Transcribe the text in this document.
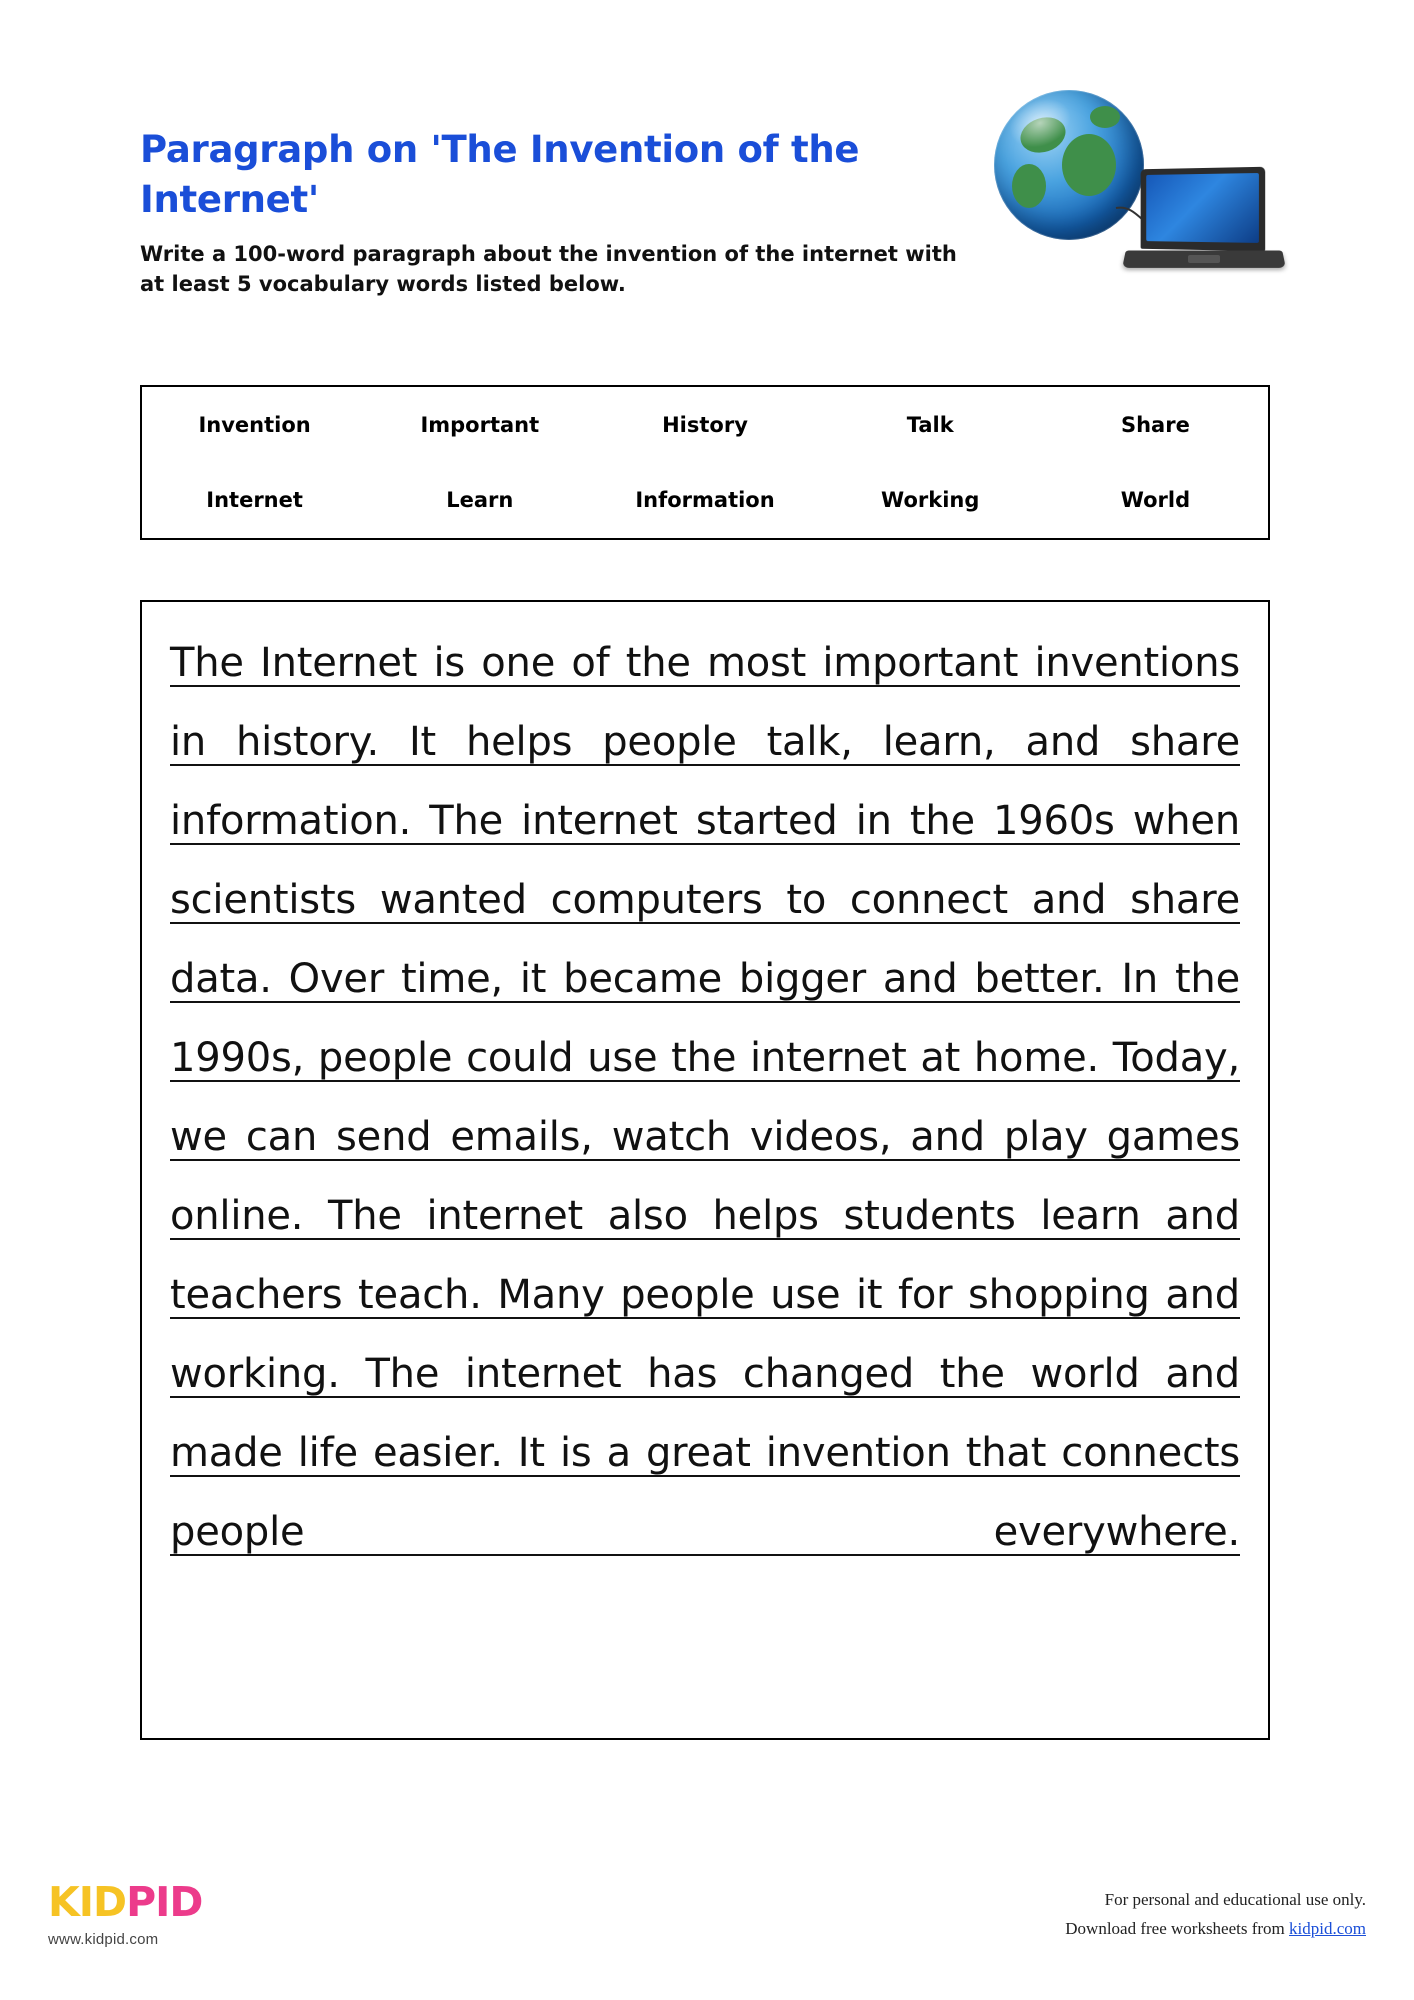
Paragraph on 'The Invention of the Internet'
Write a 100-word paragraph about the invention of the internet with at least 5 vocabulary words listed below.
Invention	Important	History	Talk	Share
Internet	Learn	Information	Working	World
The Internet is one of the most important inventions in history. It helps people talk, learn, and share information. The internet started in the 1960s when scientists wanted computers to connect and share data. Over time, it became bigger and better. In the 1990s, people could use the internet at home. Today, we can send emails, watch videos, and play games online. The internet also helps students learn and teachers teach. Many people use it for shopping and working. The internet has changed the world and made life easier. It is a great invention that connects people everywhere.
KIDPID
www.kidpid.com
For personal and educational use only.
Download free worksheets from kidpid.com
